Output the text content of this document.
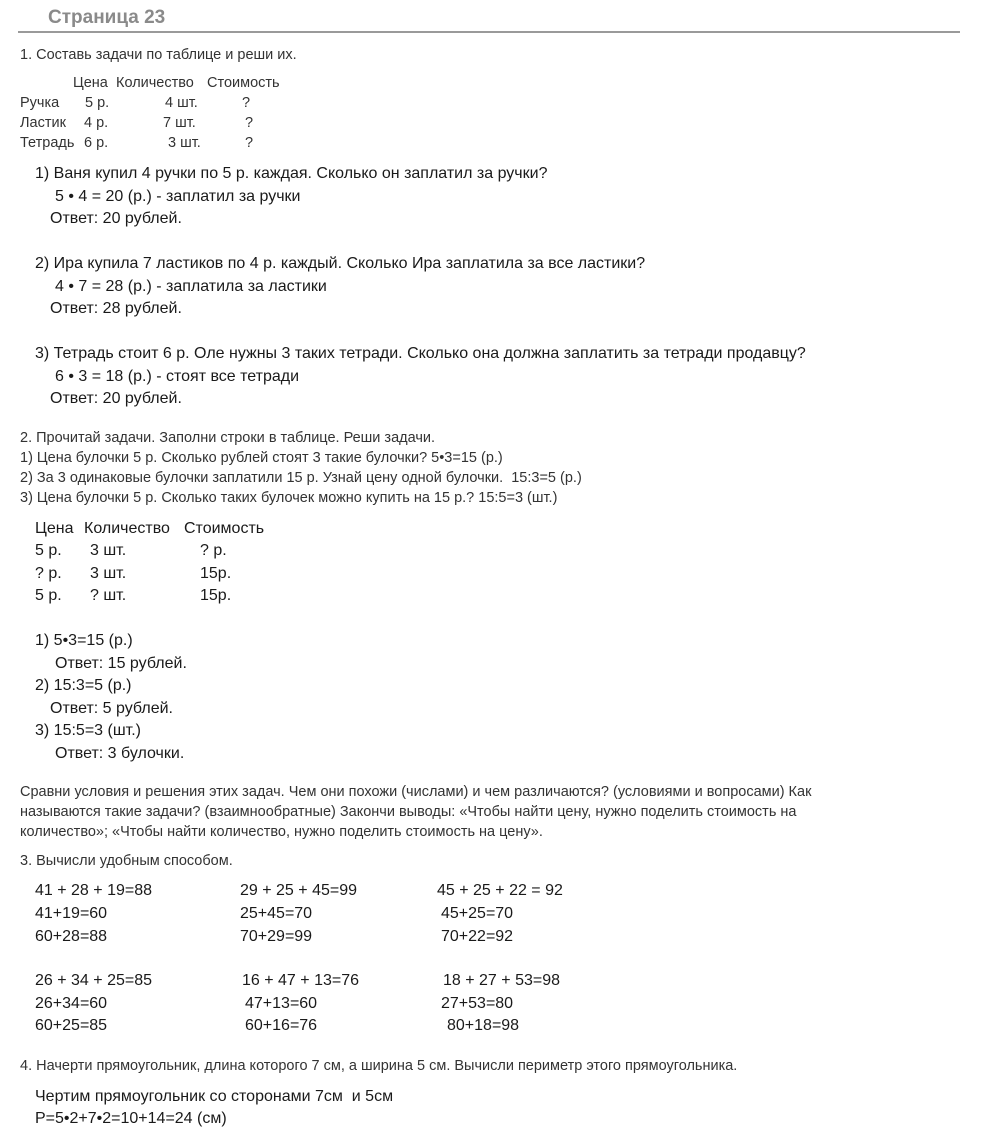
Страница 23
1. Составь задачи по таблице и реши их.
Цена Количество Стоимость
Ручка 5 р.	4 шт.	?
Ластик 4 р.	7 шт.	?
Тетрадь 6 р.	3 шт.	?
1) Ваня купил 4 ручки по 5 р. каждая. Сколько он заплатил за ручки?
5 • 4 = 20 (р.) - заплатил за ручки
Ответ: 20 рублей.
2) Ира купила 7 ластиков по 4 р. каждый. Сколько Ира заплатила за все ластики?
4 • 7 = 28 (р.) - заплатила за ластики
Ответ: 28 рублей.
3) Тетрадь стоит 6 р. Оле нужны 3 таких тетради. Сколько она должна заплатить за тетради продавцу?
6 • 3 = 18 (р.) - стоят все тетради
Ответ: 20 рублей.
2. Прочитай задачи. Заполни строки в таблице. Реши задачи.
1) Цена булочки 5 р. Сколько рублей стоят 3 такие булочки? 5•3=15 (р.)
2) За 3 одинаковые булочки заплатили 15 р. Узнай цену одной булочки.  15:3=5 (р.)
3) Цена булочки 5 р. Сколько таких булочек можно купить на 15 р.? 15:5=3 (шт.)
Цена Количество Стоимость
5 р. 3 шт.	? р.
? р. 3 шт.	15р.
5 р. ? шт.	15р.
1) 5•3=15 (р.)
Ответ: 15 рублей.
2) 15:3=5 (р.)
Ответ: 5 рублей.
3) 15:5=3 (шт.)
Ответ: 3 булочки.
Сравни условия и решения этих задач. Чем они похожи (числами) и чем различаются? (условиями и вопросами) Как
называются такие задачи? (взаимнообратные) Закончи выводы: «Чтобы найти цену, нужно поделить стоимость на
количество»; «Чтобы найти количество, нужно поделить стоимость на цену».
3. Вычисли удобным способом.
41 + 28 + 19=88
41+19=60
60+28=88
29 + 25 + 45=99
25+45=70
70+29=99
45 + 25 + 22 = 92
45+25=70
70+22=92
26 + 34 + 25=85
26+34=60
60+25=85
16 + 47 + 13=76
47+13=60
60+16=76
18 + 27 + 53=98
27+53=80
80+18=98
4. Начерти прямоугольник, длина которого 7 см, а ширина 5 см. Вычисли периметр этого прямоугольника.
Чертим прямоугольник со сторонами 7см  и 5см
Р=5•2+7•2=10+14=24 (см)
